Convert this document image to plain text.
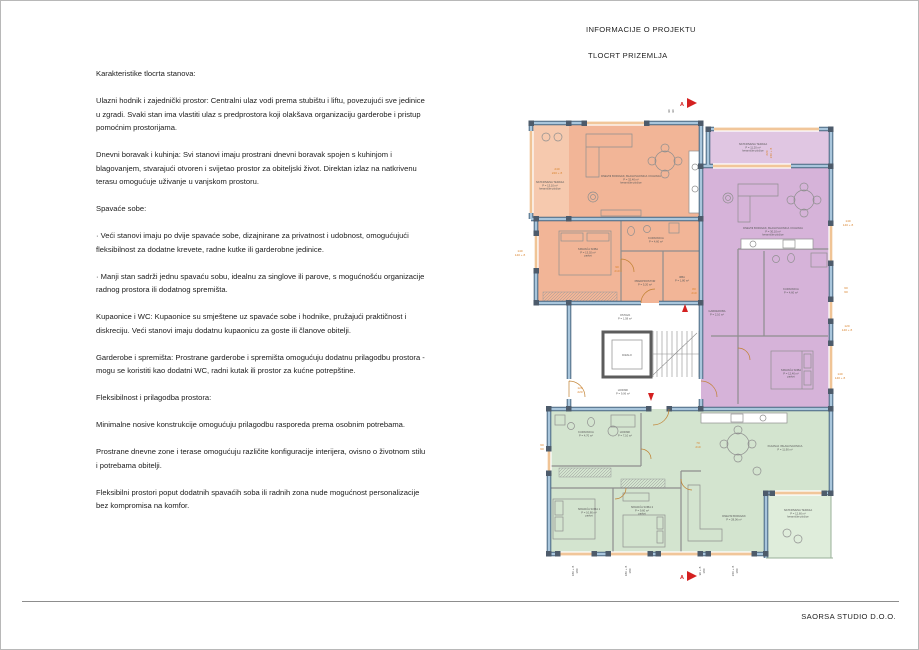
INFORMACIJE O PROJEKTU
TLOCRT PRIZEMLJA

Karakteristike tlocrta stanova:

Ulazni hodnik i zajednički prostor: Centralni ulaz vodi prema stubištu i liftu, povezujući sve jedinice u zgradi. Svaki stan ima vlastiti ulaz s predprostora koji olakšava organizaciju garderobe i pristup pomoćnim prostorijama.

Dnevni boravak i kuhinja: Svi stanovi imaju prostrani dnevni boravak spojen s kuhinjom i blagovanjem, stvarajući otvoren i svijetao prostor za obiteljski život. Direktan izlaz na natkrivenu terasu omogućuje uživanje u vanjskom prostoru.

Spavaće sobe:

· Veći stanovi imaju po dvije spavaće sobe, dizajnirane za privatnost i udobnost, omogućujući fleksibilnost za dodatne krevete, radne kutke ili garderobne jedinice.

· Manji stan sadrži jednu spavaću sobu, idealnu za singlove ili parove, s mogućnošću organizacije radnog prostora ili dodatnog spremišta.

Kupaonice i WC: Kupaonice su smještene uz spavaće sobe i hodnike, pružajući praktičnost i diskreciju. Veći stanovi imaju dodatnu kupaonicu za goste ili članove obitelji.

Garderobe i spremišta: Prostrane garderobe i spremišta omogućuju dodatnu prilagodbu prostora - mogu se koristiti kao dodatni WC, radni kutak ili prostor za kućne potrepštine.

Fleksibilnost i prilagodba prostora:

Minimalne nosive konstrukcije omogućuju prilagodbu rasporeda prema osobnim potrebama.

Prostrane dnevne zone i terase omogućuju različite konfiguracije interijera, ovisno o životnom stilu i potrebama obitelji.

Fleksibilni prostori poput dodatnih spavaćih soba ili radnih zona nude mogućnost personalizacije bez kompromisa na komfor.

A
A
240 220 + 8
140 140 + 8
60 60
220240 + 8
140 140 + 8
60 60
120 140 + 8
140 140 + 8
90 210
120 220
80 210
70 210
9090
180 + 8180	180 + 8180	90 + 8180	220 + 8180
NATKRIVENA TERASA P = 13,10 m² keramičke pločice
DNEVNI BORAVAK, BLAGOVAONICA I KUHINJA P = 32,40 m² keramičke pločice
SPAVAĆA SOBA P = 13,02 m² parket
KUPAONICA P = 4,60 m²
PREDPROSTOR P = 5,20 m²
IZBA P = 1,80 m²
NATKRIVENA TERASA P = 11,20 m² keramičke pločice
DNEVNI BORAVAK, BLAGOVAONICA I KUHINJA P = 30,10 m² keramičke pločice
KUPAONICA P = 4,60 m²
GARDEROBA P = 2,10 m²
SPAVAĆA SOBA P = 12,40 m² parket
DIZALO
OSTAVA P = 1,58 m²
HODNIK P = 9,06 m²
KUPAONICA P = 4,70 m²
HODNIK P = 7,10 m²
SPAVAĆA SOBA 1 P = 10,80 m² parket
SPAVAĆA SOBA 2 P = 9,60 m² parket
KUHINJA I BLAGOVAONICA P = 11,90 m²
DNEVNI BORAVAK P = 28,06 m²
NATKRIVENA TERASA P = 12,60 m² keramičke pločice
SAORSA STUDIO D.O.O.
